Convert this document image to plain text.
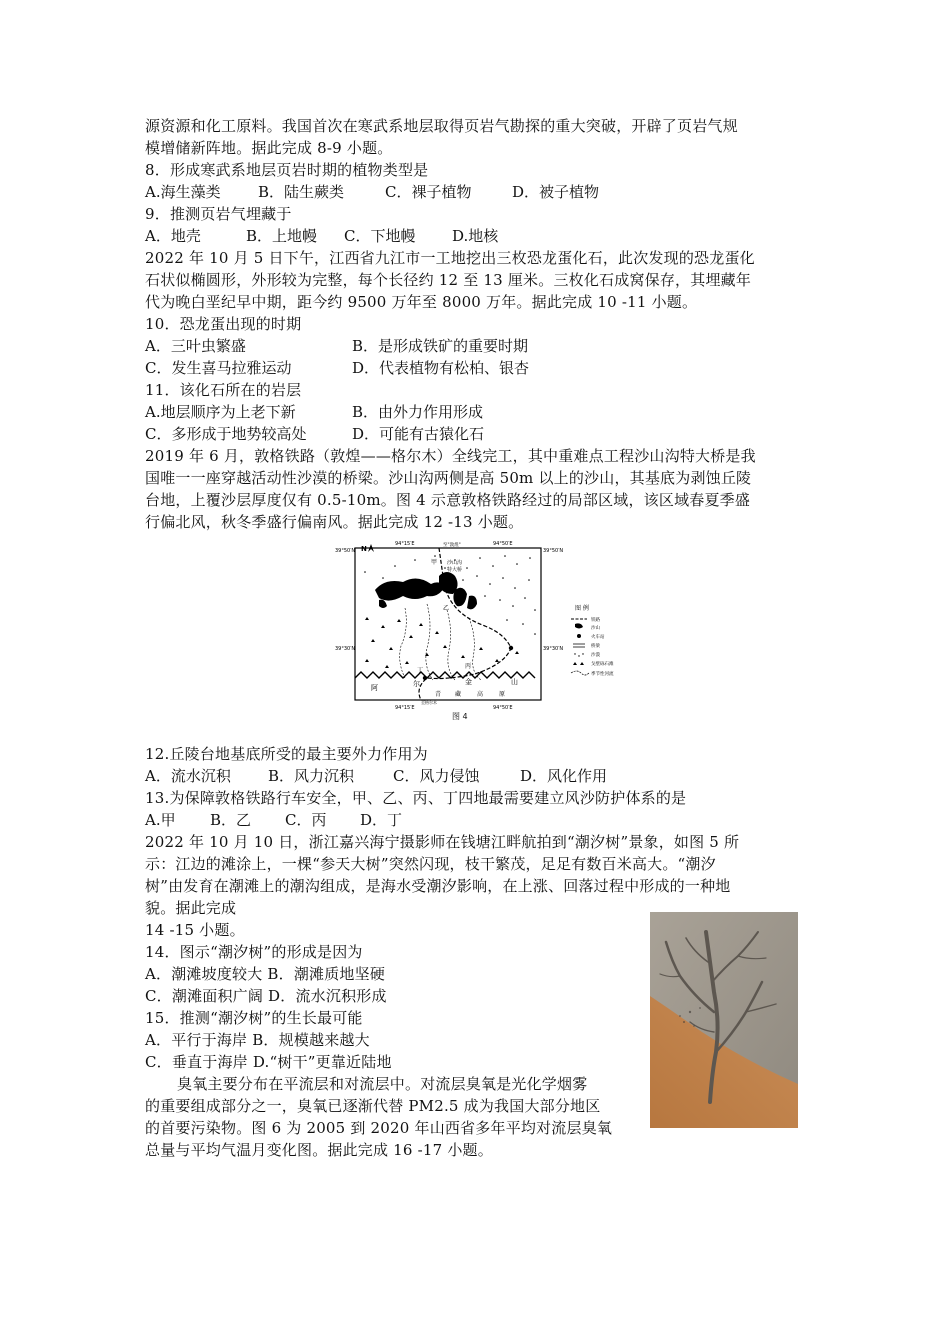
源资源和化工原料。我国首次在寒武系地层取得页岩气勘探的重大突破，开辟了页岩气规
模增储新阵地。据此完成 8-9 小题。
8．形成寒武系地层页岩时期的植物类型是
A.海生藻类 B．陆生蕨类	C．裸子植物	D．被子植物
9．推测页岩气埋藏于
A．地壳	B．上地幔 C．下地幔 D.地核
2022 年 10 月 5 日下午，江西省九江市一工地挖出三枚恐龙蛋化石，此次发现的恐龙蛋化
石状似椭圆形，外形较为完整，每个长径约 12 至 13 厘米。三枚化石成窝保存，其埋藏年
代为晚白垩纪早中期，距今约 9500 万年至 8000 万年。据此完成 10 -11 小题。
10．恐龙蛋出现的时期
A．三叶虫繁盛	B．是形成铁矿的重要时期
C．发生喜马拉雅运动	D．代表植物有松柏、银杏
11．该化石所在的岩层
A.地层顺序为上老下新	B．由外力作用形成
C．多形成于地势较高处	D．可能有古猿化石
2019 年 6 月，敦格铁路（敦煌——格尔木）全线完工，其中重难点工程沙山沟特大桥是我
国唯一一座穿越活动性沙漠的桥梁。沙山沟两侧是高 50m 以上的沙山，其基底为剥蚀丘陵
台地，上覆沙层厚度仅有 0.5-10m。图 4 示意敦格铁路经过的局部区域，该区域春夏季盛
行偏北风，秋冬季盛行偏南风。据此完成 12 -13 小题。
94°15′E	94°50′E
39°50′N	39°50′N
39°30′N	39°30′N
94°15′E	94°50′E
N
甲 沙山沟
特大桥
至"敦煌"
乙
丙
丁
阿	尔	金	山
青 藏	高	原
至格尔木
图 例
铁路
沙山
火车站
桥梁
沙漠
戈壁砾石滩
季节性河流
图 4
12.丘陵台地基底所受的最主要外力作用为
A．流水沉积 B．风力沉积	C．风力侵蚀	D．风化作用
13.为保障敦格铁路行车安全，甲、乙、丙、丁四地最需要建立风沙防护体系的是
A.甲 B．乙 C．丙 D．丁
2022 年 10 月 10 日，浙江嘉兴海宁摄影师在钱塘江畔航拍到“潮汐树”景象，如图 5 所
示：江边的滩涂上，一棵“参天大树”突然闪现，枝干繁茂，足足有数百米高大。“潮汐
树”由发育在潮滩上的潮沟组成，是海水受潮汐影响，在上涨、回落过程中形成的一种地
貌。据此完成
14 -15 小题。
14．图示“潮汐树”的形成是因为
A．潮滩坡度较大 B．潮滩质地坚硬
C．潮滩面积广阔 D．流水沉积形成
15．推测“潮汐树”的生长最可能
A．平行于海岸 B．规模越来越大
C．垂直于海岸 D.“树干”更靠近陆地
臭氧主要分布在平流层和对流层中。对流层臭氧是光化学烟雾
的重要组成部分之一，臭氧已逐渐代替 PM2.5 成为我国大部分地区
的首要污染物。图 6 为 2005 到 2020 年山西省多年平均对流层臭氧
总量与平均气温月变化图。据此完成 16 -17 小题。
